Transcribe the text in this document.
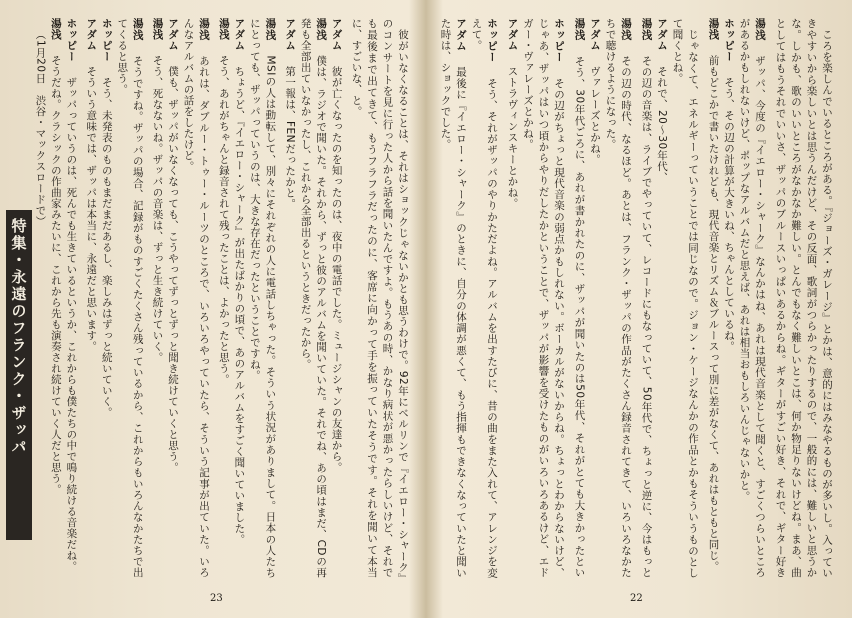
彼がいなくなることは、それはショックじゃないかとも思うわけで。92年にベルリンで『イエロー・シャーク』のコンサートを見に行った人から話を聞いたんですよ。もうあの時、かなり病状が悪かったらしいけど、それでも最後まで出てきて、もうフラフラだったのに、客席に向かって手を振っていたそうです。それを聞いて本当に、すごいな、と。

アダム　彼が亡くなったのを知ったのは、夜中の電話でした。ミュージシャンの友達から。

湯浅　僕は、ラジオで聞いた。それから、ずっと彼のアルバムを聞いていた。それでね、あの頃はまだ、CDの再発も全部出ていなかったし、これから全部出るというときだったから。

アダム　第一報は、FENだったかと。

湯浅　MSIの人は動転して、別々にそれぞれの人に電話しちゃった。そういう状況がありまして。日本の人たちにとっても、ザッパっていうのは、大きな存在だったということですね。

アダム　ちょうど、『イエロー・シャーク』が出たばかりの頃で、あのアルバムをすごく聞いていました。

湯浅　そう、あれがちゃんと録音されて残ったことは、よかったと思う。

湯浅　あれは、ダブルー・トゥー・ルーツのところで、いろいろやっていたら、そういう記事が出ていた。いろんなアルバムの話をしたけど。

アダム　僕も、ザッパがいなくなっても、こうやってずっとずっと聞き続けていくと思う。

湯浅　そう、死なないね。ザッパの音楽は、ずっと生き続けていく。

湯浅　そうですね。ザッパの場合、記録がものすごくたくさん残っているから、これからもいろんなかたちで出てくると思う。

ホッピー　そう、未発表のものもまだまだあるし、楽しみはずっと続いていく。

アダム　そういう意味では、ザッパは本当に、永遠だと思います。

ホッピー　ザッパっていうのは、死んでも生きているというか、これからも僕たちの中で鳴り続ける音楽だね。

湯浅　そうだね。クラシックの作曲家みたいに、これから先も演奏され続けていく人だと思う。

（1月20日　渋谷・マックスロードで）

特集・永遠のフランク・ザッパ
23

ころを楽しんでいるところがある。『ジョーズ・ガレージ』とかは、意的にはみなやるものが多いし。入っていきやすいから楽しいとは思うんだけど、その反面、歌詞がつらかったりするので、一般的には、難しいと思うかな。しかも、歌のいいところがなかなか難しい。とんでもなく難しいとこは、何か物足りないけどね。まあ、曲としてはもうそれでいいさ、ザッパのブルースいっぱいあるからね。ギターがすごい好き、それで、ギター好き

湯浅　ザッパ、今度の『イエロー・シャーク』なんかはね、あれは現代音楽として聞くと、すごくつらいところがあるかもしれないけど、ポップなアルバムだと思えば、あれは相当おもしろいんじゃないかと。

ホッピー　そう、その辺の計算が大きいね、ちゃんとしているね。

湯浅　前もどこかで書いたけれども、現代音楽とリズム＆ブルースって別に差がなくて、あれはもともと同じ。

じゃなくて、エネルギーっていうことでは同じなので。ジョン・ケージなんかの作品とかもそういうものとして聞くとね。

アダム　それで、20～30年代、

湯浅　その辺の音楽は、ライブでやっていて、レコードにもなっていて、50年代で、ちょっと逆に、今はもっと

湯浅　その辺の時代、なるほど。あとは、フランク・ザッパの作品がたくさん録音されてきて、いろいろなかたちで聴けるようになった。

アダム　ヴァレーズとかね。

湯浅　そう、30年代ごろに、あれが書かれたのに、ザッパが聞いたのは50年代、それがとても大きかったとい

ホッピー　その辺がちょっと現代音楽の弱点かもしれない。ボーカルがないからね。ちょっとわからないけど、じゃあ、ザッパはいつ頃からやりだしたかということで、ザッパが影響を受けたものがいろいろあるけど、エドガー・ヴァレーズとかね。

アダム　ストラヴィンスキーとかね。

ホッピー　そう、それがザッパのやりかただよね。アルバムを出すたびに、昔の曲をまた入れて、アレンジを変えて。

アダム　最後に『イエロー・シャーク』のときに、自分の体調が悪くて、もう指揮もできなくなっていたと聞いた時は、ショックでした。

22
